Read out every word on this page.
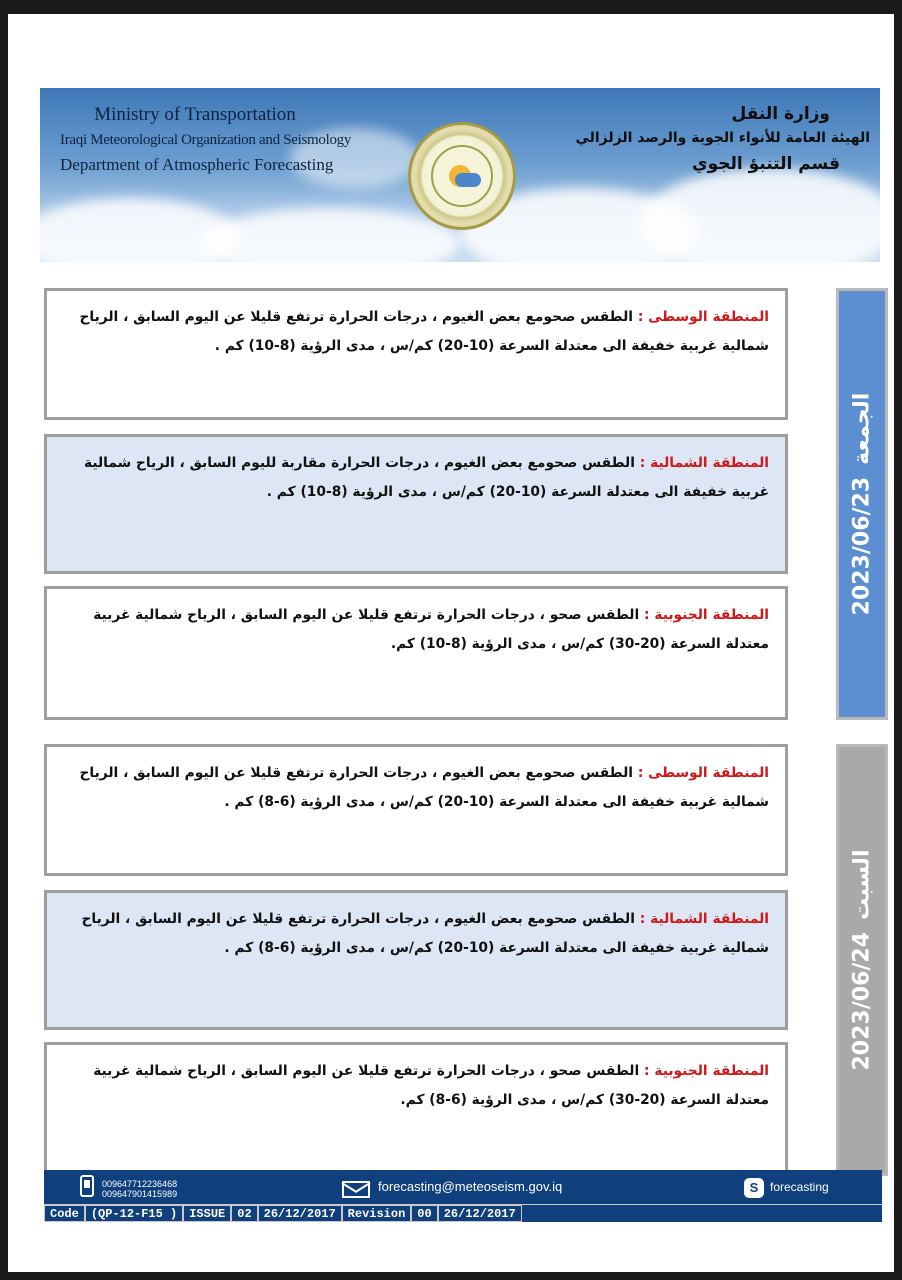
Ministry of Transportation
Iraqi Meteorological Organization and Seismology
Department of Atmospheric Forecasting
وزارة النقل
الهيئة العامة للأنواء الجوية والرصد الزلزالي
قسم التنبؤ الجوي
المنطقة الوسطى : الطقس صحومع بعض الغيوم ، درجات الحرارة ترتفع قليلا عن اليوم السابق ، الرياح شمالية غربية خفيفة الى معتدلة السرعة (10-20) كم/س ، مدى الرؤية (8-10) كم .
المنطقة الشمالية : الطقس صحومع بعض الغيوم ، درجات الحرارة مقاربة لليوم السابق ، الرياح شمالية غربية خفيفة الى معتدلة السرعة (10-20) كم/س ، مدى الرؤية (8-10) كم .
المنطقة الجنوبية : الطقس صحو ، درجات الحرارة ترتفع قليلا عن اليوم السابق ، الرياح شمالية غربية معتدلة السرعة (20-30) كم/س ، مدى الرؤية (8-10) كم.
2023/06/23الجمعة
المنطقة الوسطى : الطقس صحومع بعض الغيوم ، درجات الحرارة ترتفع قليلا عن اليوم السابق ، الرياح شمالية غربية خفيفة الى معتدلة السرعة (10-20) كم/س ، مدى الرؤية (6-8) كم .
المنطقة الشمالية : الطقس صحومع بعض الغيوم ، درجات الحرارة ترتفع قليلا عن اليوم السابق ، الرياح شمالية غربية خفيفة الى معتدلة السرعة (10-20) كم/س ، مدى الرؤية (6-8) كم .
المنطقة الجنوبية : الطقس صحو ، درجات الحرارة ترتفع قليلا عن اليوم السابق ، الرياح شمالية غربية معتدلة السرعة (20-30) كم/س ، مدى الرؤية (6-8) كم.
2023/06/24السبت
009647712236468
009647901415989	forecasting@meteoseism.gov.iq	S forecasting
Code	(QP-12-F15 )	ISSUE	02	26/12/2017	Revision	00	26/12/2017
